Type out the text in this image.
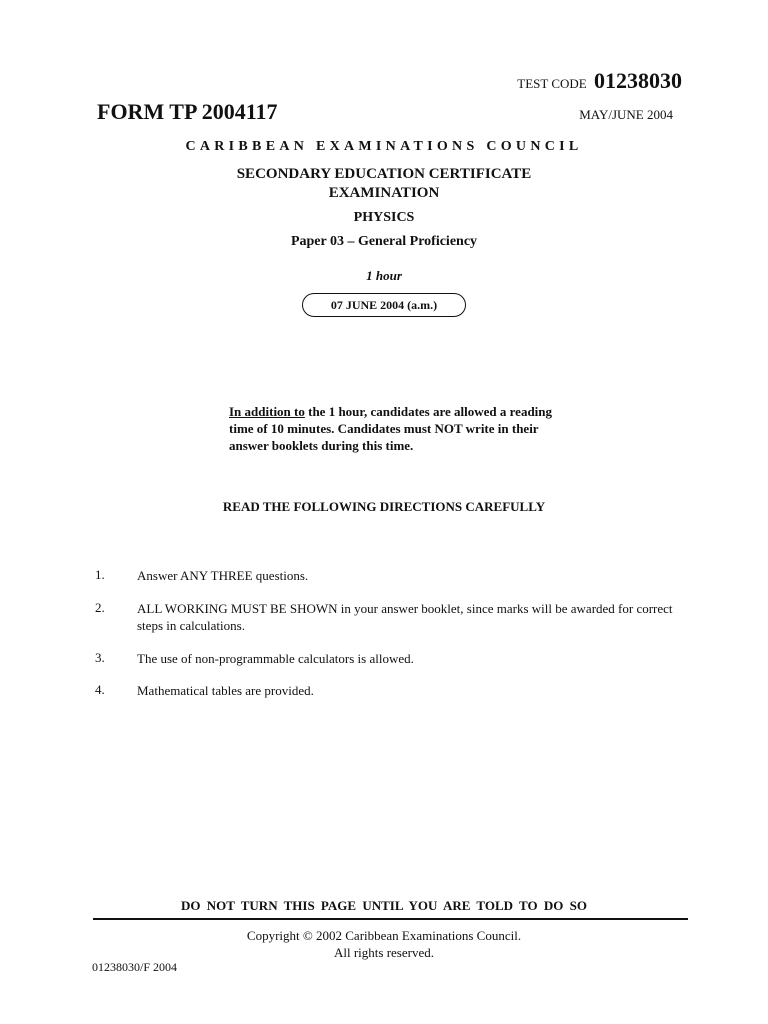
TEST CODE 01238030
FORM TP 2004117	MAY/JUNE 2004
CARIBBEAN EXAMINATIONS COUNCIL
SECONDARY EDUCATION CERTIFICATE
EXAMINATION
PHYSICS
Paper 03 – General Proficiency
1 hour
07 JUNE 2004 (a.m.)
In addition to the 1 hour, candidates are allowed a reading time of 10 minutes. Candidates must NOT write in their answer booklets during this time.
READ THE FOLLOWING DIRECTIONS CAREFULLY
1. Answer ANY THREE questions.
2. ALL WORKING MUST BE SHOWN in your answer booklet, since marks will be awarded for correct steps in calculations.
3. The use of non-programmable calculators is allowed.
4. Mathematical tables are provided.
DO NOT TURN THIS PAGE UNTIL YOU ARE TOLD TO DO SO
Copyright © 2002 Caribbean Examinations Council.
All rights reserved.
01238030/F 2004
